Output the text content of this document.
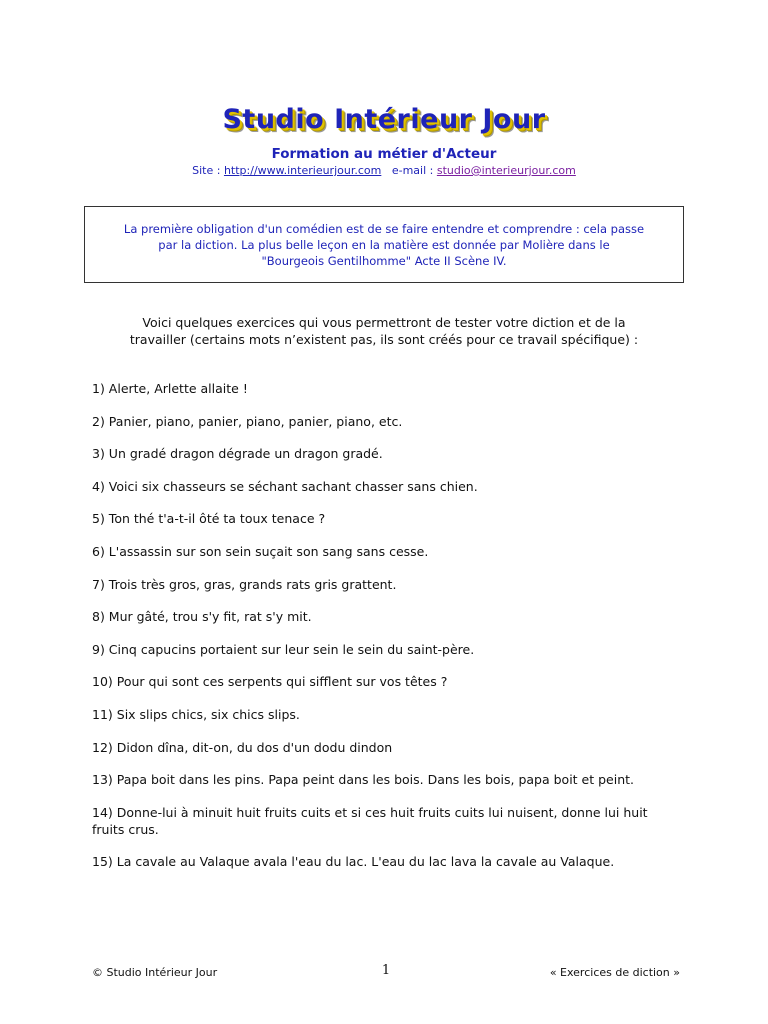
Studio Intérieur Jour
Formation au métier d'Acteur
Site : http://www.interieurjour.com e-mail : studio@interieurjour.com
La première obligation d'un comédien est de se faire entendre et comprendre : cela passe
par la diction. La plus belle leçon en la matière est donnée par Molière dans le
"Bourgeois Gentilhomme" Acte II Scène IV.
Voici quelques exercices qui vous permettront de tester votre diction et de la
travailler (certains mots n’existent pas, ils sont créés pour ce travail spécifique) :
1) Alerte, Arlette allaite !
2) Panier, piano, panier, piano, panier, piano, etc.
3) Un gradé dragon dégrade un dragon gradé.
4) Voici six chasseurs se séchant sachant chasser sans chien.
5) Ton thé t'a-t-il ôté ta toux tenace ?
6) L'assassin sur son sein suçait son sang sans cesse.
7) Trois très gros, gras, grands rats gris grattent.
8) Mur gâté, trou s'y fit, rat s'y mit.
9) Cinq capucins portaient sur leur sein le sein du saint-père.
10) Pour qui sont ces serpents qui sifflent sur vos têtes ?
11) Six slips chics, six chics slips.
12) Didon dîna, dit-on, du dos d'un dodu dindon
13) Papa boit dans les pins. Papa peint dans les bois. Dans les bois, papa boit et peint.
14) Donne-lui à minuit huit fruits cuits et si ces huit fruits cuits lui nuisent, donne lui huit fruits crus.
15) La cavale au Valaque avala l'eau du lac. L'eau du lac lava la cavale au Valaque.
© Studio Intérieur Jour	1	« Exercices de diction »
